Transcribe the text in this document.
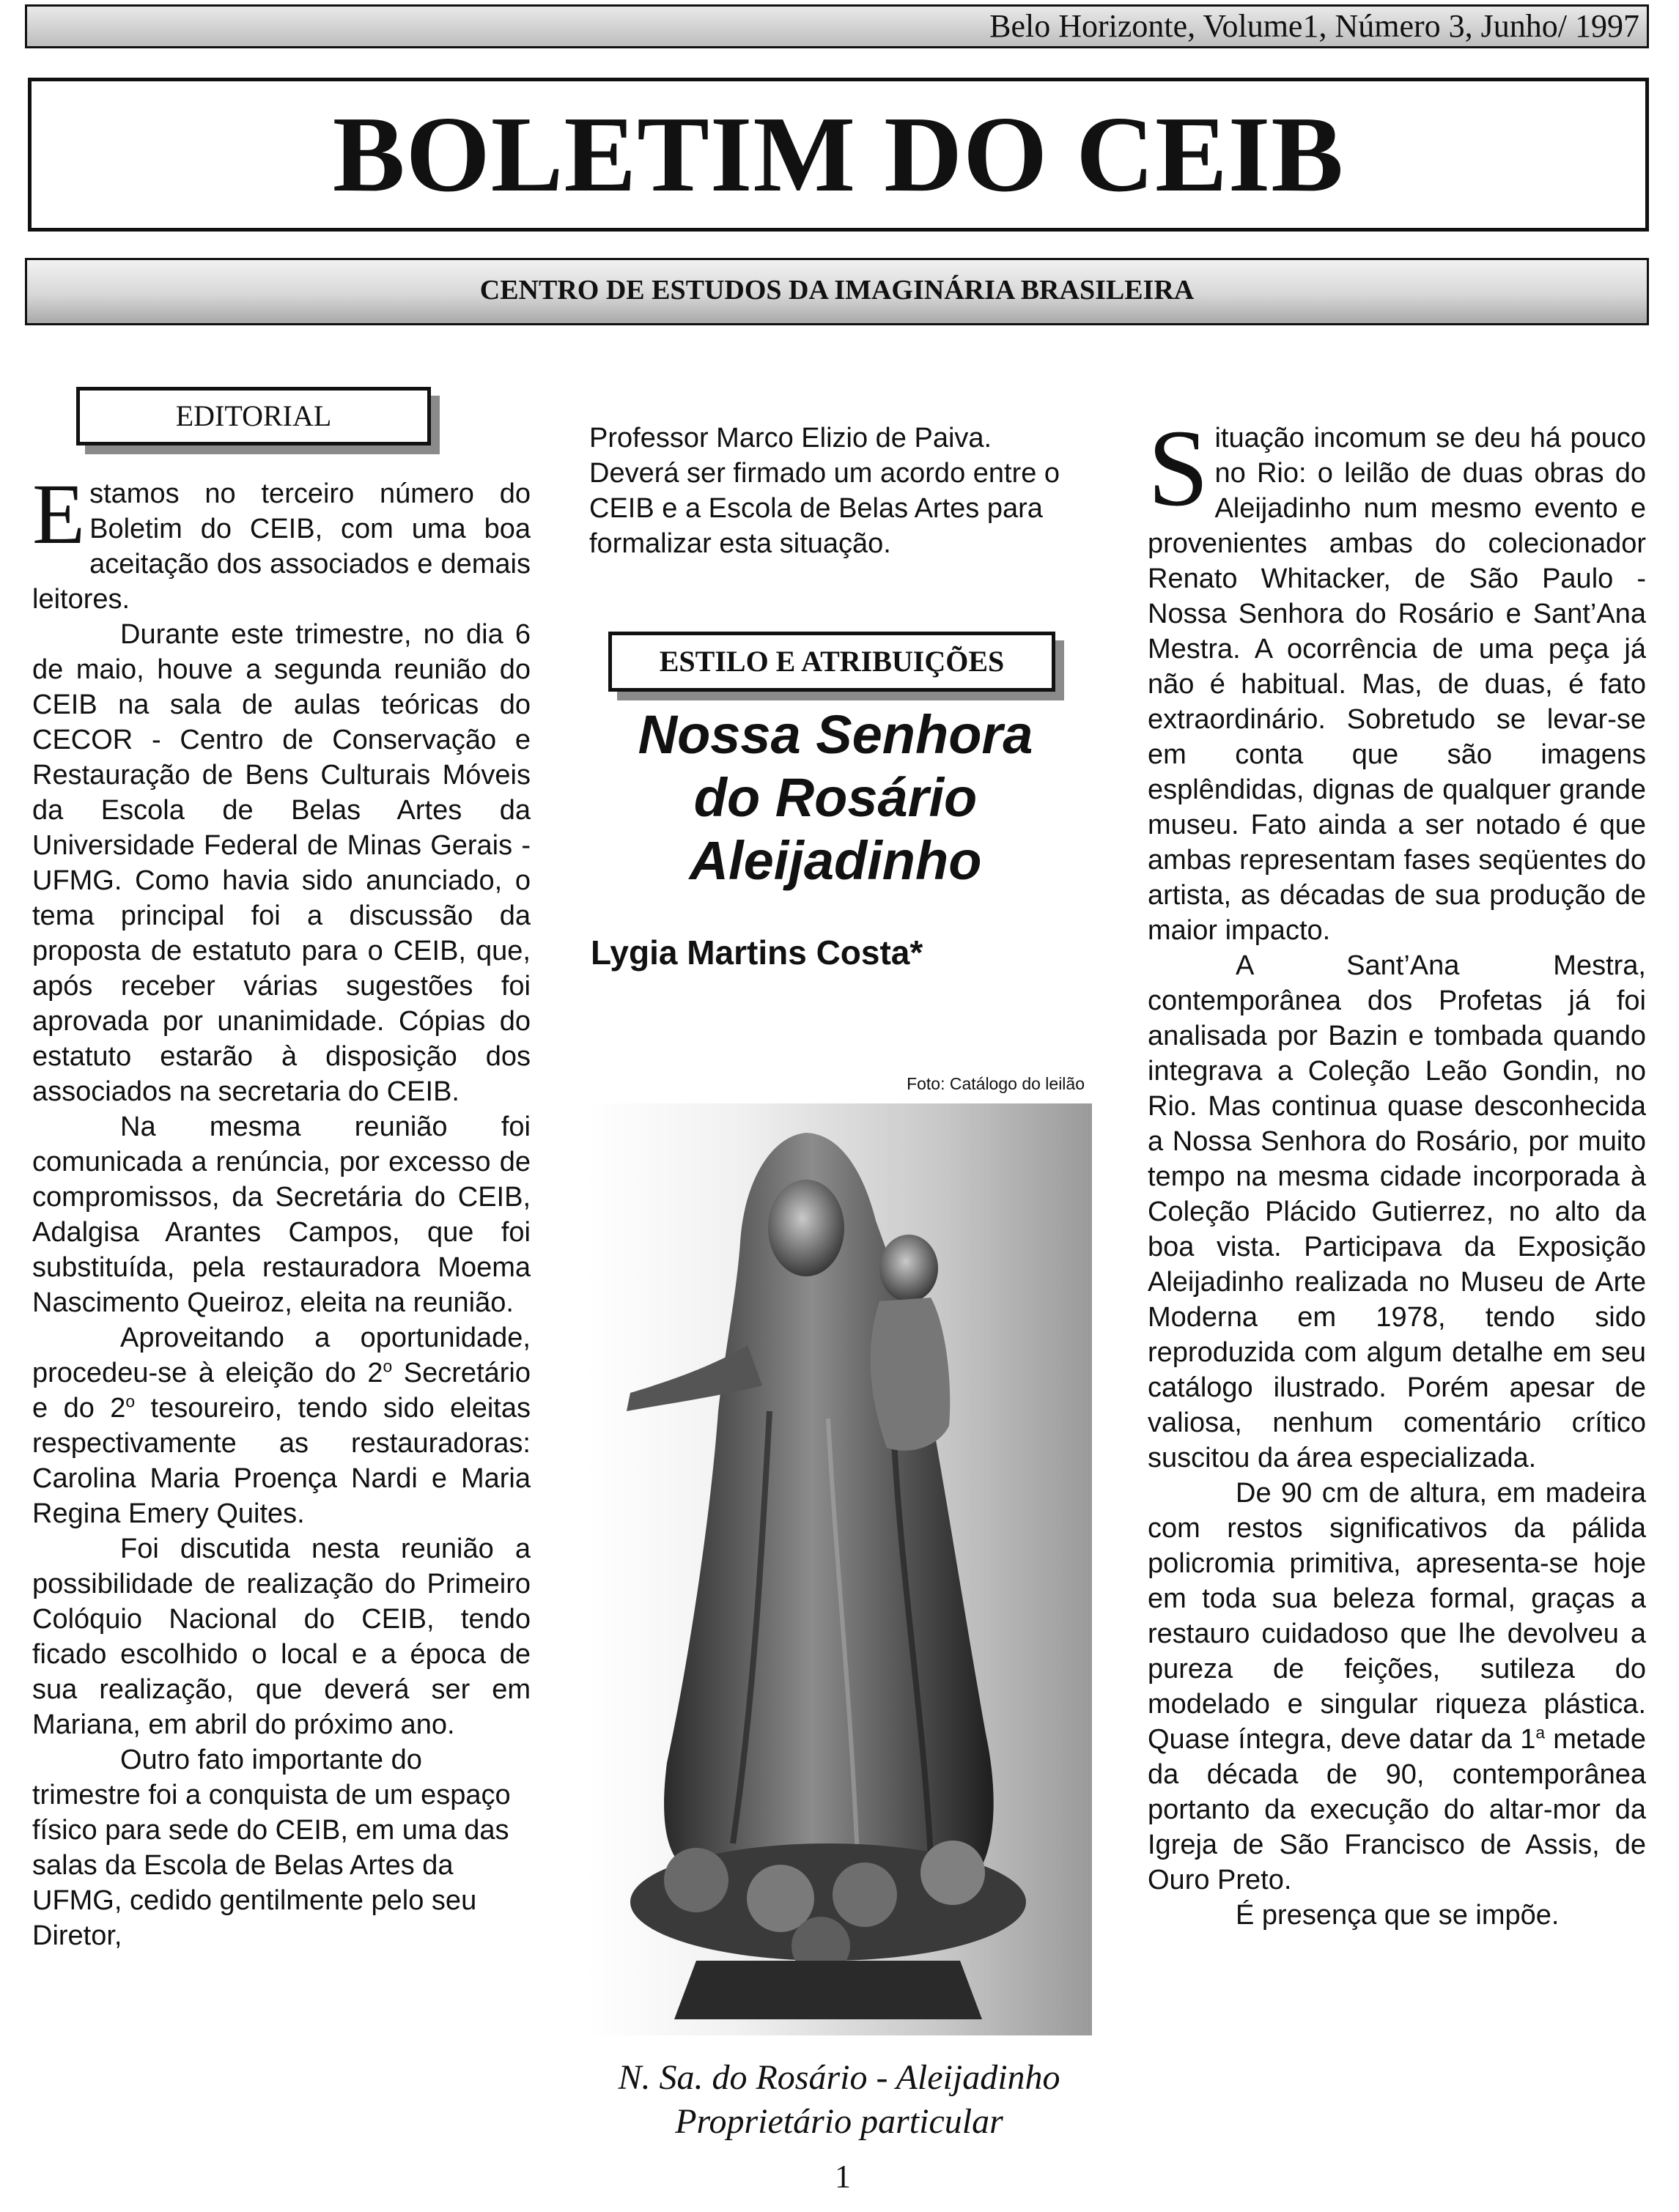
Belo Horizonte, Volume1, Número 3, Junho/ 1997
BOLETIM DO CEIB
CENTRO DE ESTUDOS DA IMAGINÁRIA BRASILEIRA
EDITORIAL

Estamos no terceiro número do Boletim do CEIB, com uma boa aceitação dos associados e demais leitores.

Durante este trimestre, no dia 6 de maio, houve a segunda reunião do CEIB na sala de aulas teóricas do CECOR - Centro de Conservação e Restauração de Bens Culturais Móveis da Escola de Belas Artes da Universidade Federal de Minas Gerais - UFMG. Como havia sido anunciado, o tema principal foi a discussão da proposta de estatuto para o CEIB, que, após receber várias sugestões foi aprovada por unanimidade. Cópias do estatuto estarão à disposição dos associados na secretaria do CEIB.

Na mesma reunião foi comunicada a renúncia, por excesso de compromissos, da Secretária do CEIB, Adalgisa Arantes Campos, que foi substituída, pela restauradora Moema Nascimento Queiroz, eleita na reunião.

Aproveitando a oportunidade, procedeu-se à eleição do 2$^o$ Secretário e do 2$^o$ tesoureiro, tendo sido eleitas respectivamente as restauradoras: Carolina Maria Proença Nardi e Maria Regina Emery Quites.

Foi discutida nesta reunião a possibilidade de realização do Primeiro Colóquio Nacional do CEIB, tendo ficado escolhido o local e a época de sua realização, que deverá ser em Mariana, em abril do próximo ano.

Outro fato importante do trimestre foi a conquista de um espaço físico para sede do CEIB, em uma das salas da Escola de Belas Artes da UFMG, cedido gentilmente pelo seu Diretor,

Professor Marco Elizio de Paiva. Deverá ser firmado um acordo entre o CEIB e a Escola de Belas Artes para formalizar esta situação.

ESTILO E ATRIBUIÇÕES
Nossa Senhora do Rosário Aleijadinho
Lygia Martins Costa*
Foto: Catálogo do leilão
N. Sa. do Rosário - Aleijadinho
Proprietário particular

Situação incomum se deu há pouco no Rio: o leilão de duas obras do Aleijadinho num mesmo evento e provenientes ambas do colecionador Renato Whitacker, de São Paulo - Nossa Senhora do Rosário e Sant’Ana Mestra. A ocorrência de uma peça já não é habitual. Mas, de duas, é fato extraordinário. Sobretudo se levar-se em conta que são imagens esplêndidas, dignas de qualquer grande museu. Fato ainda a ser notado é que ambas representam fases seqüentes do artista, as décadas de sua produção de maior impacto.

A Sant’Ana Mestra, contemporânea dos Profetas já foi analisada por Bazin e tombada quando integrava a Coleção Leão Gondin, no Rio. Mas continua quase desconhecida a Nossa Senhora do Rosário, por muito tempo na mesma cidade incorporada à Coleção Plácido Gutierrez, no alto da boa vista. Participava da Exposição Aleijadinho realizada no Museu de Arte Moderna em 1978, tendo sido reproduzida com algum detalhe em seu catálogo ilustrado. Porém apesar de valiosa, nenhum comentário crítico suscitou da área especializada.

De 90 cm de altura, em madeira com restos significativos da pálida policromia primitiva, apresenta-se hoje em toda sua beleza formal, graças a restauro cuidadoso que lhe devolveu a pureza de feições, sutileza do modelado e singular riqueza plástica. Quase íntegra, deve datar da 1$^a$ metade da década de 90, contemporânea portanto da execução do altar-mor da Igreja de São Francisco de Assis, de Ouro Preto.

É presença que se impõe.

1
